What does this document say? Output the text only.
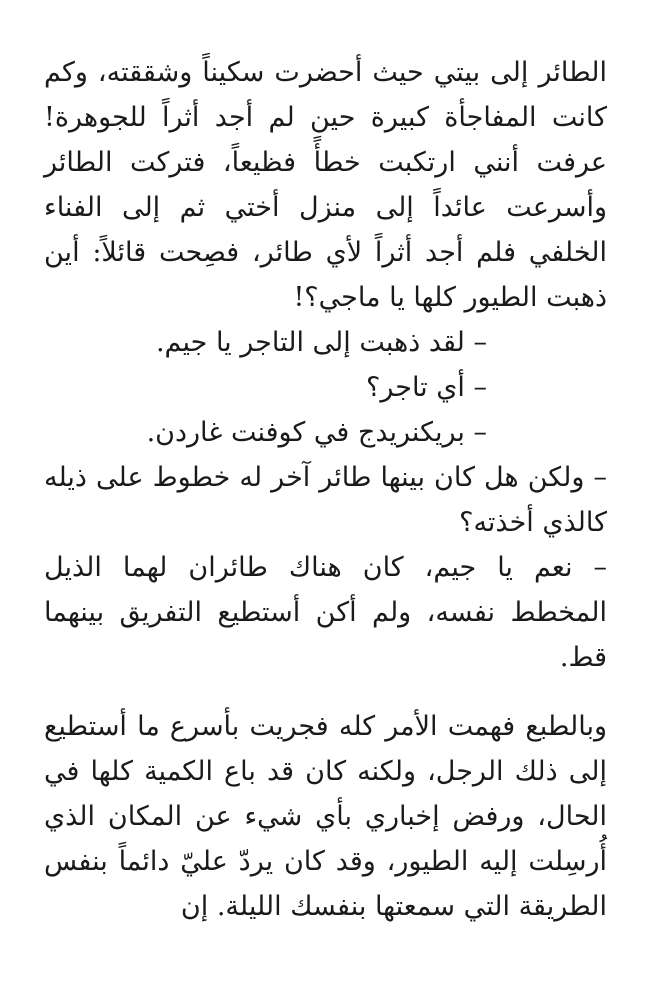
الطائر إلى بيتي حيث أحضرت سكيناً وشققته، وكم كانت المفاجأة كبيرة حين لم أجد أثراً للجوهرة! عرفت أنني ارتكبت خطأً فظيعاً، فتركت الطائر وأسرعت عائداً إلى منزل أختي ثم إلى الفناء الخلفي فلم أجد أثراً لأي طائر، فصِحت قائلاً: أين ذهبت الطيور كلها يا ماجي؟!

– لقد ذهبت إلى التاجر يا جيم.

– أي تاجر؟

– بريكنريدج في كوفنت غاردن.

– ولكن هل كان بينها طائر آخر له خطوط على ذيله كالذي أخذته؟

– نعم يا جيم، كان هناك طائران لهما الذيل المخطط نفسه، ولم أكن أستطيع التفريق بينهما قط.

وبالطبع فهمت الأمر كله فجريت بأسرع ما أستطيع إلى ذلك الرجل، ولكنه كان قد باع الكمية كلها في الحال، ورفض إخباري بأي شيء عن المكان الذي أُرسِلت إليه الطيور، وقد كان يردّ عليّ دائماً بنفس الطريقة التي سمعتها بنفسك الليلة. إن
